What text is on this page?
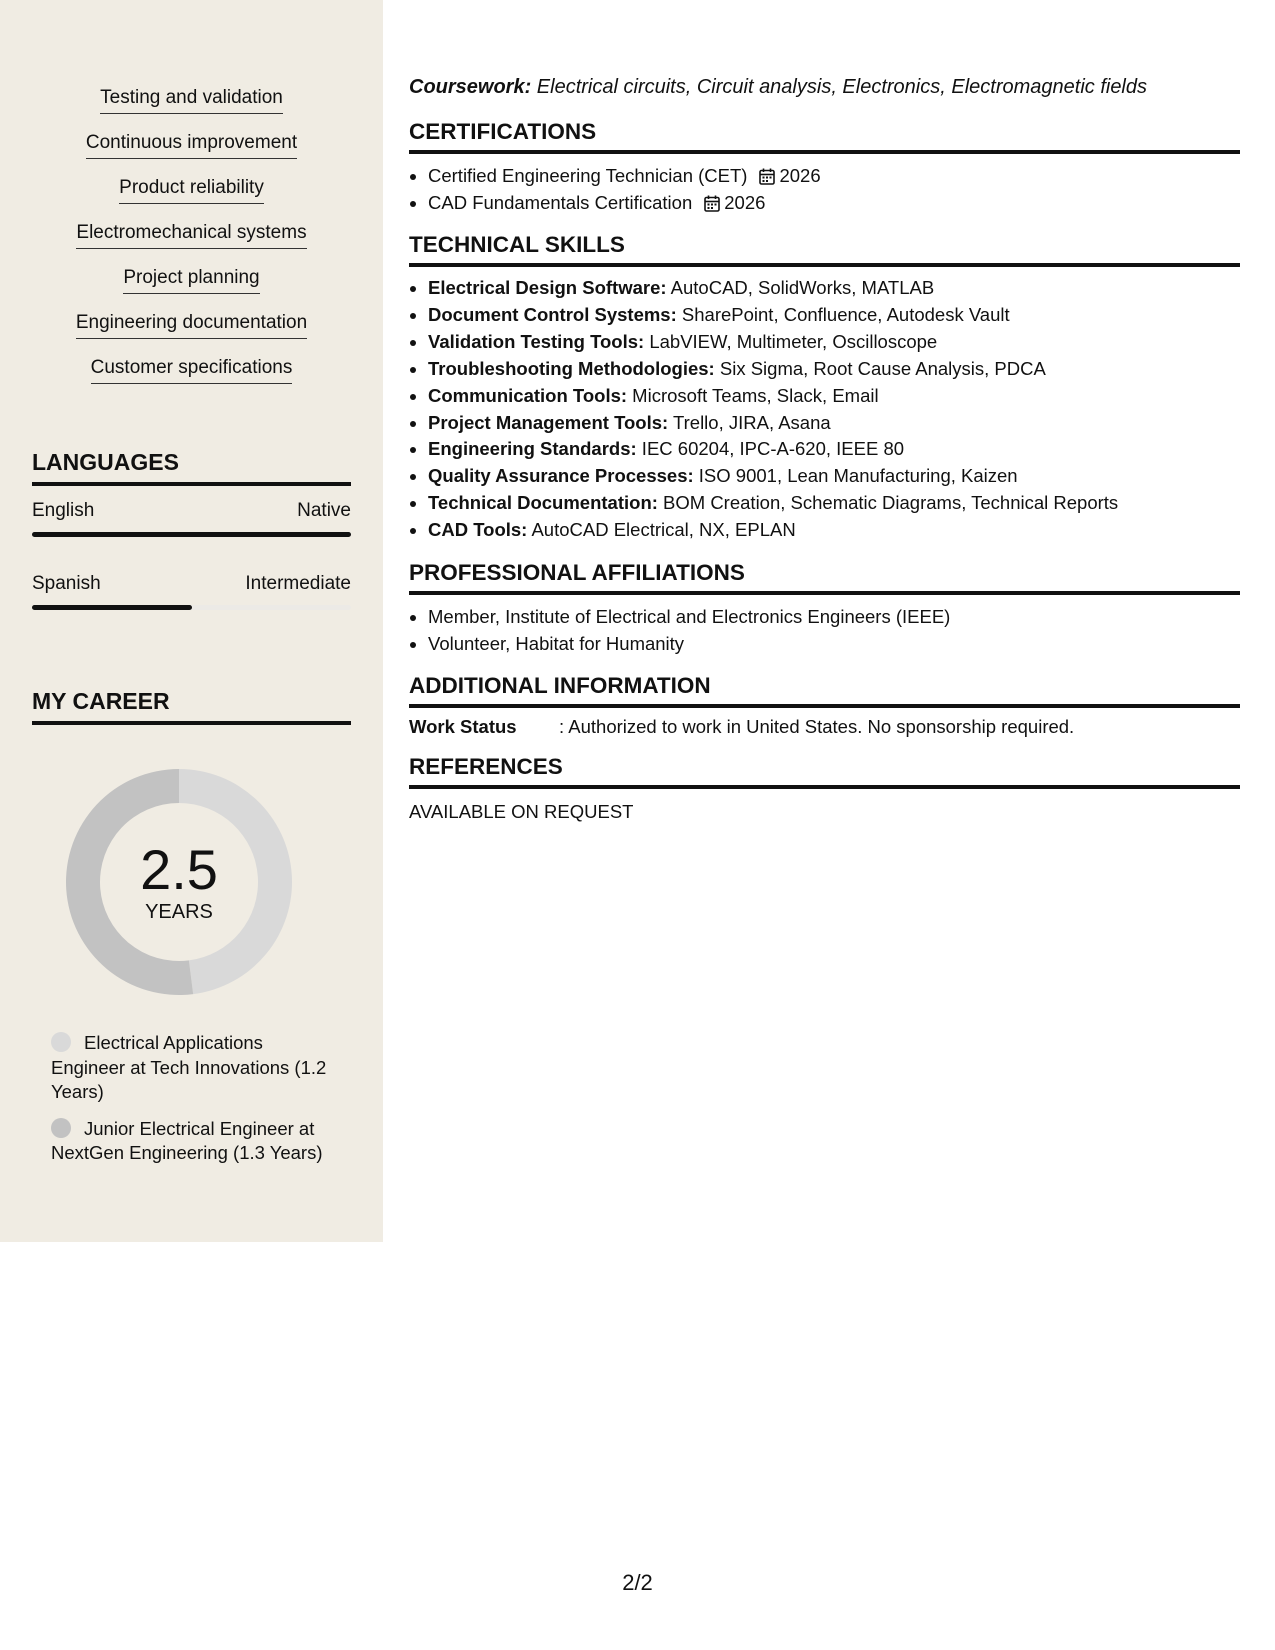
Testing and validation
Continuous improvement
Product reliability
Electromechanical systems
Project planning
Engineering documentation
Customer specifications
LANGUAGES
English	Native
Spanish	Intermediate
MY CAREER
2.5
YEARS
Electrical Applications Engineer at Tech Innovations (1.2 Years)
Junior Electrical Engineer at NextGen Engineering (1.3 Years)

Coursework: Electrical circuits, Circuit analysis, Electronics, Electromagnetic fields

CERTIFICATIONS
• Certified Engineering Technician (CET) 2026
• CAD Fundamentals Certification 2026
TECHNICAL SKILLS
• Electrical Design Software: AutoCAD, SolidWorks, MATLAB
• Document Control Systems: SharePoint, Confluence, Autodesk Vault
• Validation Testing Tools: LabVIEW, Multimeter, Oscilloscope
• Troubleshooting Methodologies: Six Sigma, Root Cause Analysis, PDCA
• Communication Tools: Microsoft Teams, Slack, Email
• Project Management Tools: Trello, JIRA, Asana
• Engineering Standards: IEC 60204, IPC-A-620, IEEE 80
• Quality Assurance Processes: ISO 9001, Lean Manufacturing, Kaizen
• Technical Documentation: BOM Creation, Schematic Diagrams, Technical Reports
• CAD Tools: AutoCAD Electrical, NX, EPLAN
PROFESSIONAL AFFILIATIONS
• Member, Institute of Electrical and Electronics Engineers (IEEE)
• Volunteer, Habitat for Humanity
ADDITIONAL INFORMATION
Work Status	: Authorized to work in United States. No sponsorship required.
REFERENCES
AVAILABLE ON REQUEST
2/2
